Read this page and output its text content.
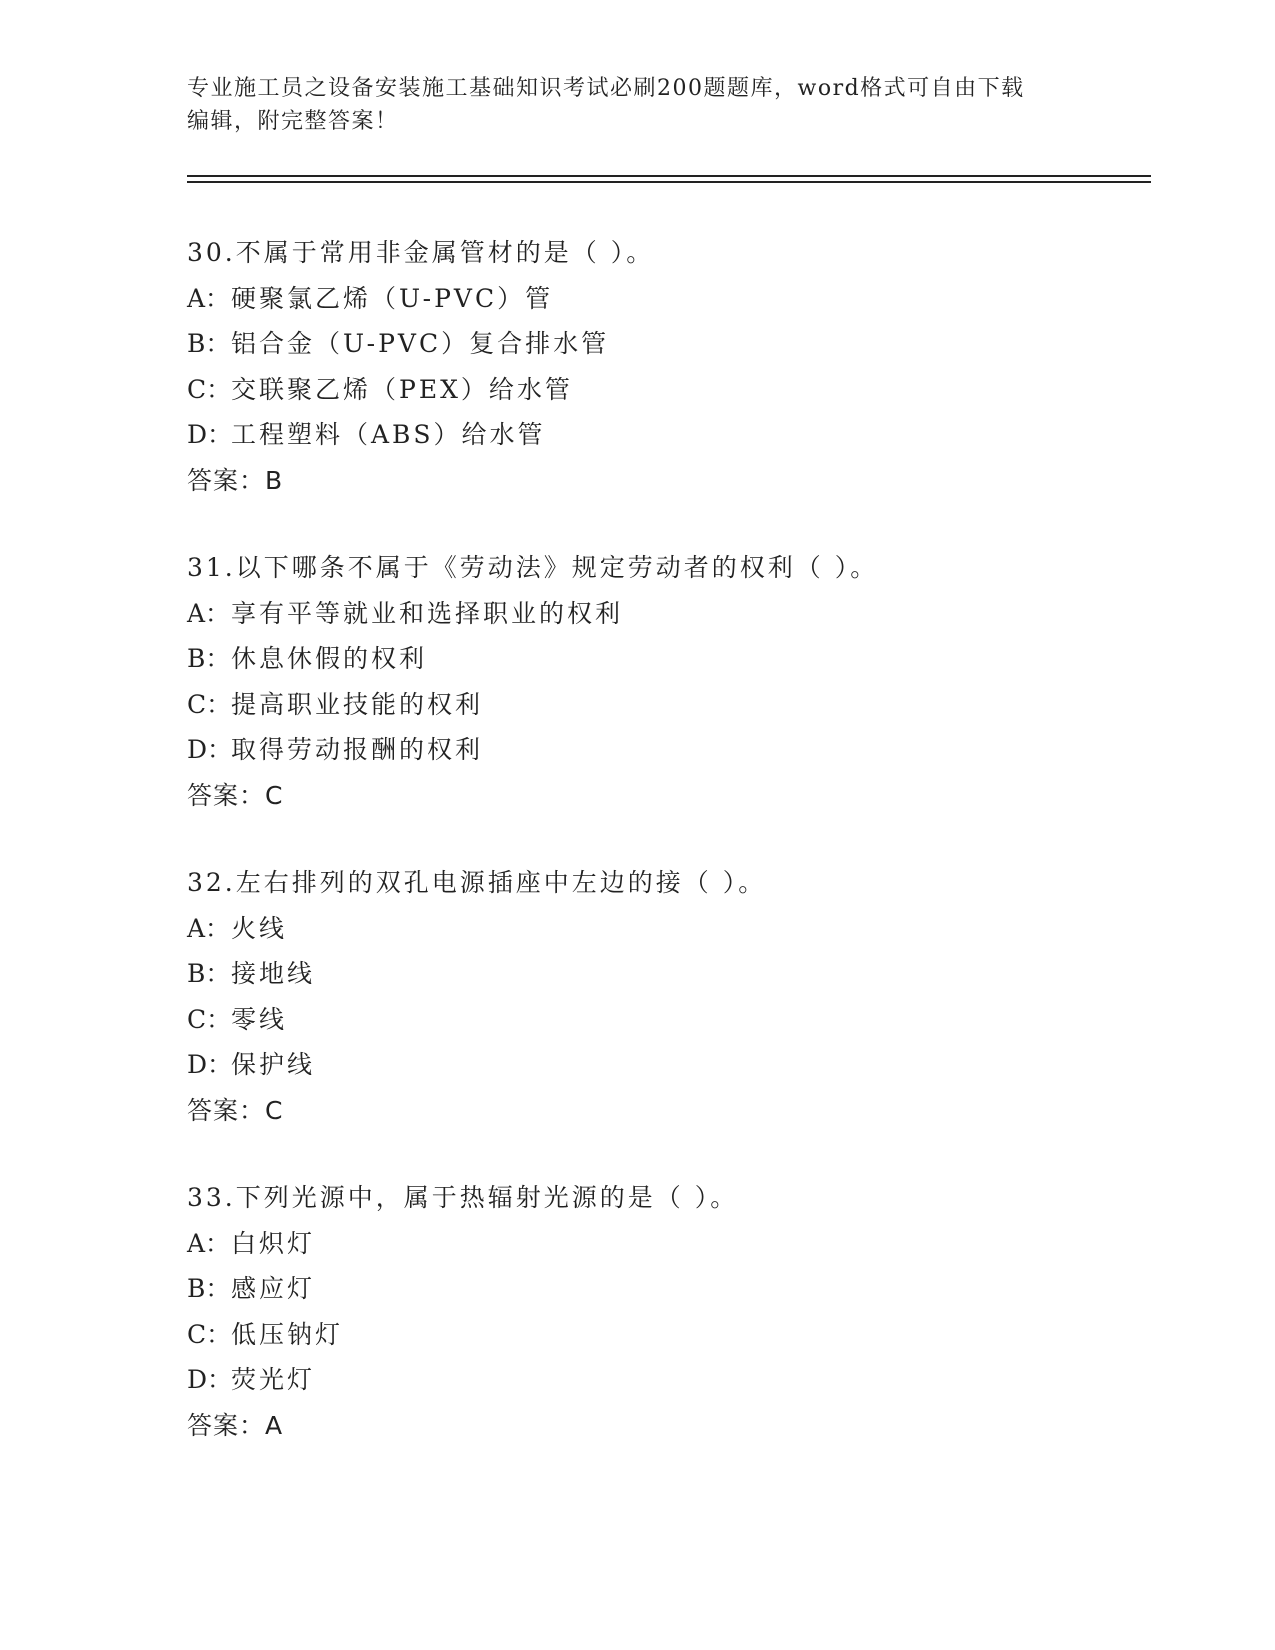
专业施工员之设备安装施工基础知识考试必刷200题题库，word格式可自由下载
编辑，附完整答案！
30.不属于常用非金属管材的是（ ）。
A：硬聚氯乙烯（U-PVC）管
B：铝合金（U-PVC）复合排水管
C：交联聚乙烯（PEX）给水管
D：工程塑料（ABS）给水管
答案：B
31.以下哪条不属于《劳动法》规定劳动者的权利（ ）。
A：享有平等就业和选择职业的权利
B：休息休假的权利
C：提高职业技能的权利
D：取得劳动报酬的权利
答案：C
32.左右排列的双孔电源插座中左边的接（ ）。
A：火线
B：接地线
C：零线
D：保护线
答案：C
33.下列光源中，属于热辐射光源的是（ ）。
A：白炽灯
B：感应灯
C：低压钠灯
D：荧光灯
答案：A
